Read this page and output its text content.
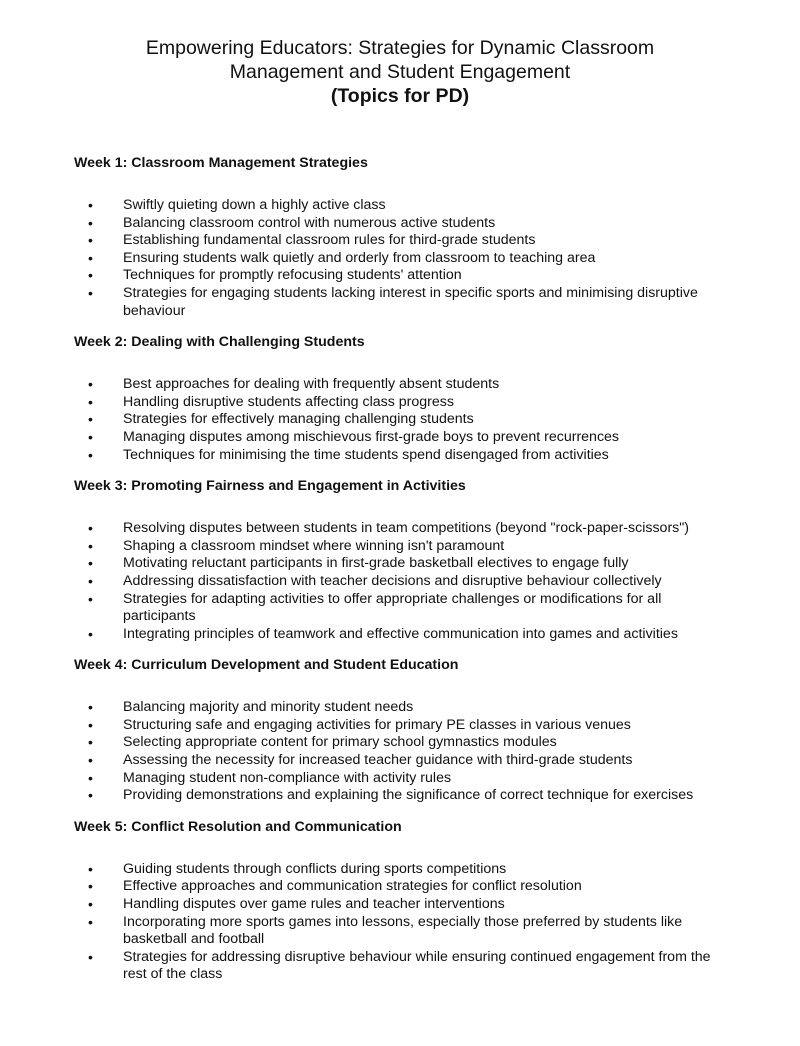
Empowering Educators: Strategies for Dynamic Classroom

Management and Student Engagement

(Topics for PD)

Week 1: Classroom Management Strategies
• Swiftly quieting down a highly active class
• Balancing classroom control with numerous active students
• Establishing fundamental classroom rules for third-grade students
• Ensuring students walk quietly and orderly from classroom to teaching area
• Techniques for promptly refocusing students' attention
• Strategies for engaging students lacking interest in specific sports and minimising disruptive behaviour
Week 2: Dealing with Challenging Students
• Best approaches for dealing with frequently absent students
• Handling disruptive students affecting class progress
• Strategies for effectively managing challenging students
• Managing disputes among mischievous first-grade boys to prevent recurrences
• Techniques for minimising the time students spend disengaged from activities
Week 3: Promoting Fairness and Engagement in Activities
• Resolving disputes between students in team competitions (beyond "rock-paper-scissors")
• Shaping a classroom mindset where winning isn't paramount
• Motivating reluctant participants in first-grade basketball electives to engage fully
• Addressing dissatisfaction with teacher decisions and disruptive behaviour collectively
• Strategies for adapting activities to offer appropriate challenges or modifications for all participants
• Integrating principles of teamwork and effective communication into games and activities
Week 4: Curriculum Development and Student Education
• Balancing majority and minority student needs
• Structuring safe and engaging activities for primary PE classes in various venues
• Selecting appropriate content for primary school gymnastics modules
• Assessing the necessity for increased teacher guidance with third-grade students
• Managing student non-compliance with activity rules
• Providing demonstrations and explaining the significance of correct technique for exercises
Week 5: Conflict Resolution and Communication
• Guiding students through conflicts during sports competitions
• Effective approaches and communication strategies for conflict resolution
• Handling disputes over game rules and teacher interventions
• Incorporating more sports games into lessons, especially those preferred by students like basketball and football
• Strategies for addressing disruptive behaviour while ensuring continued engagement from the rest of the class
